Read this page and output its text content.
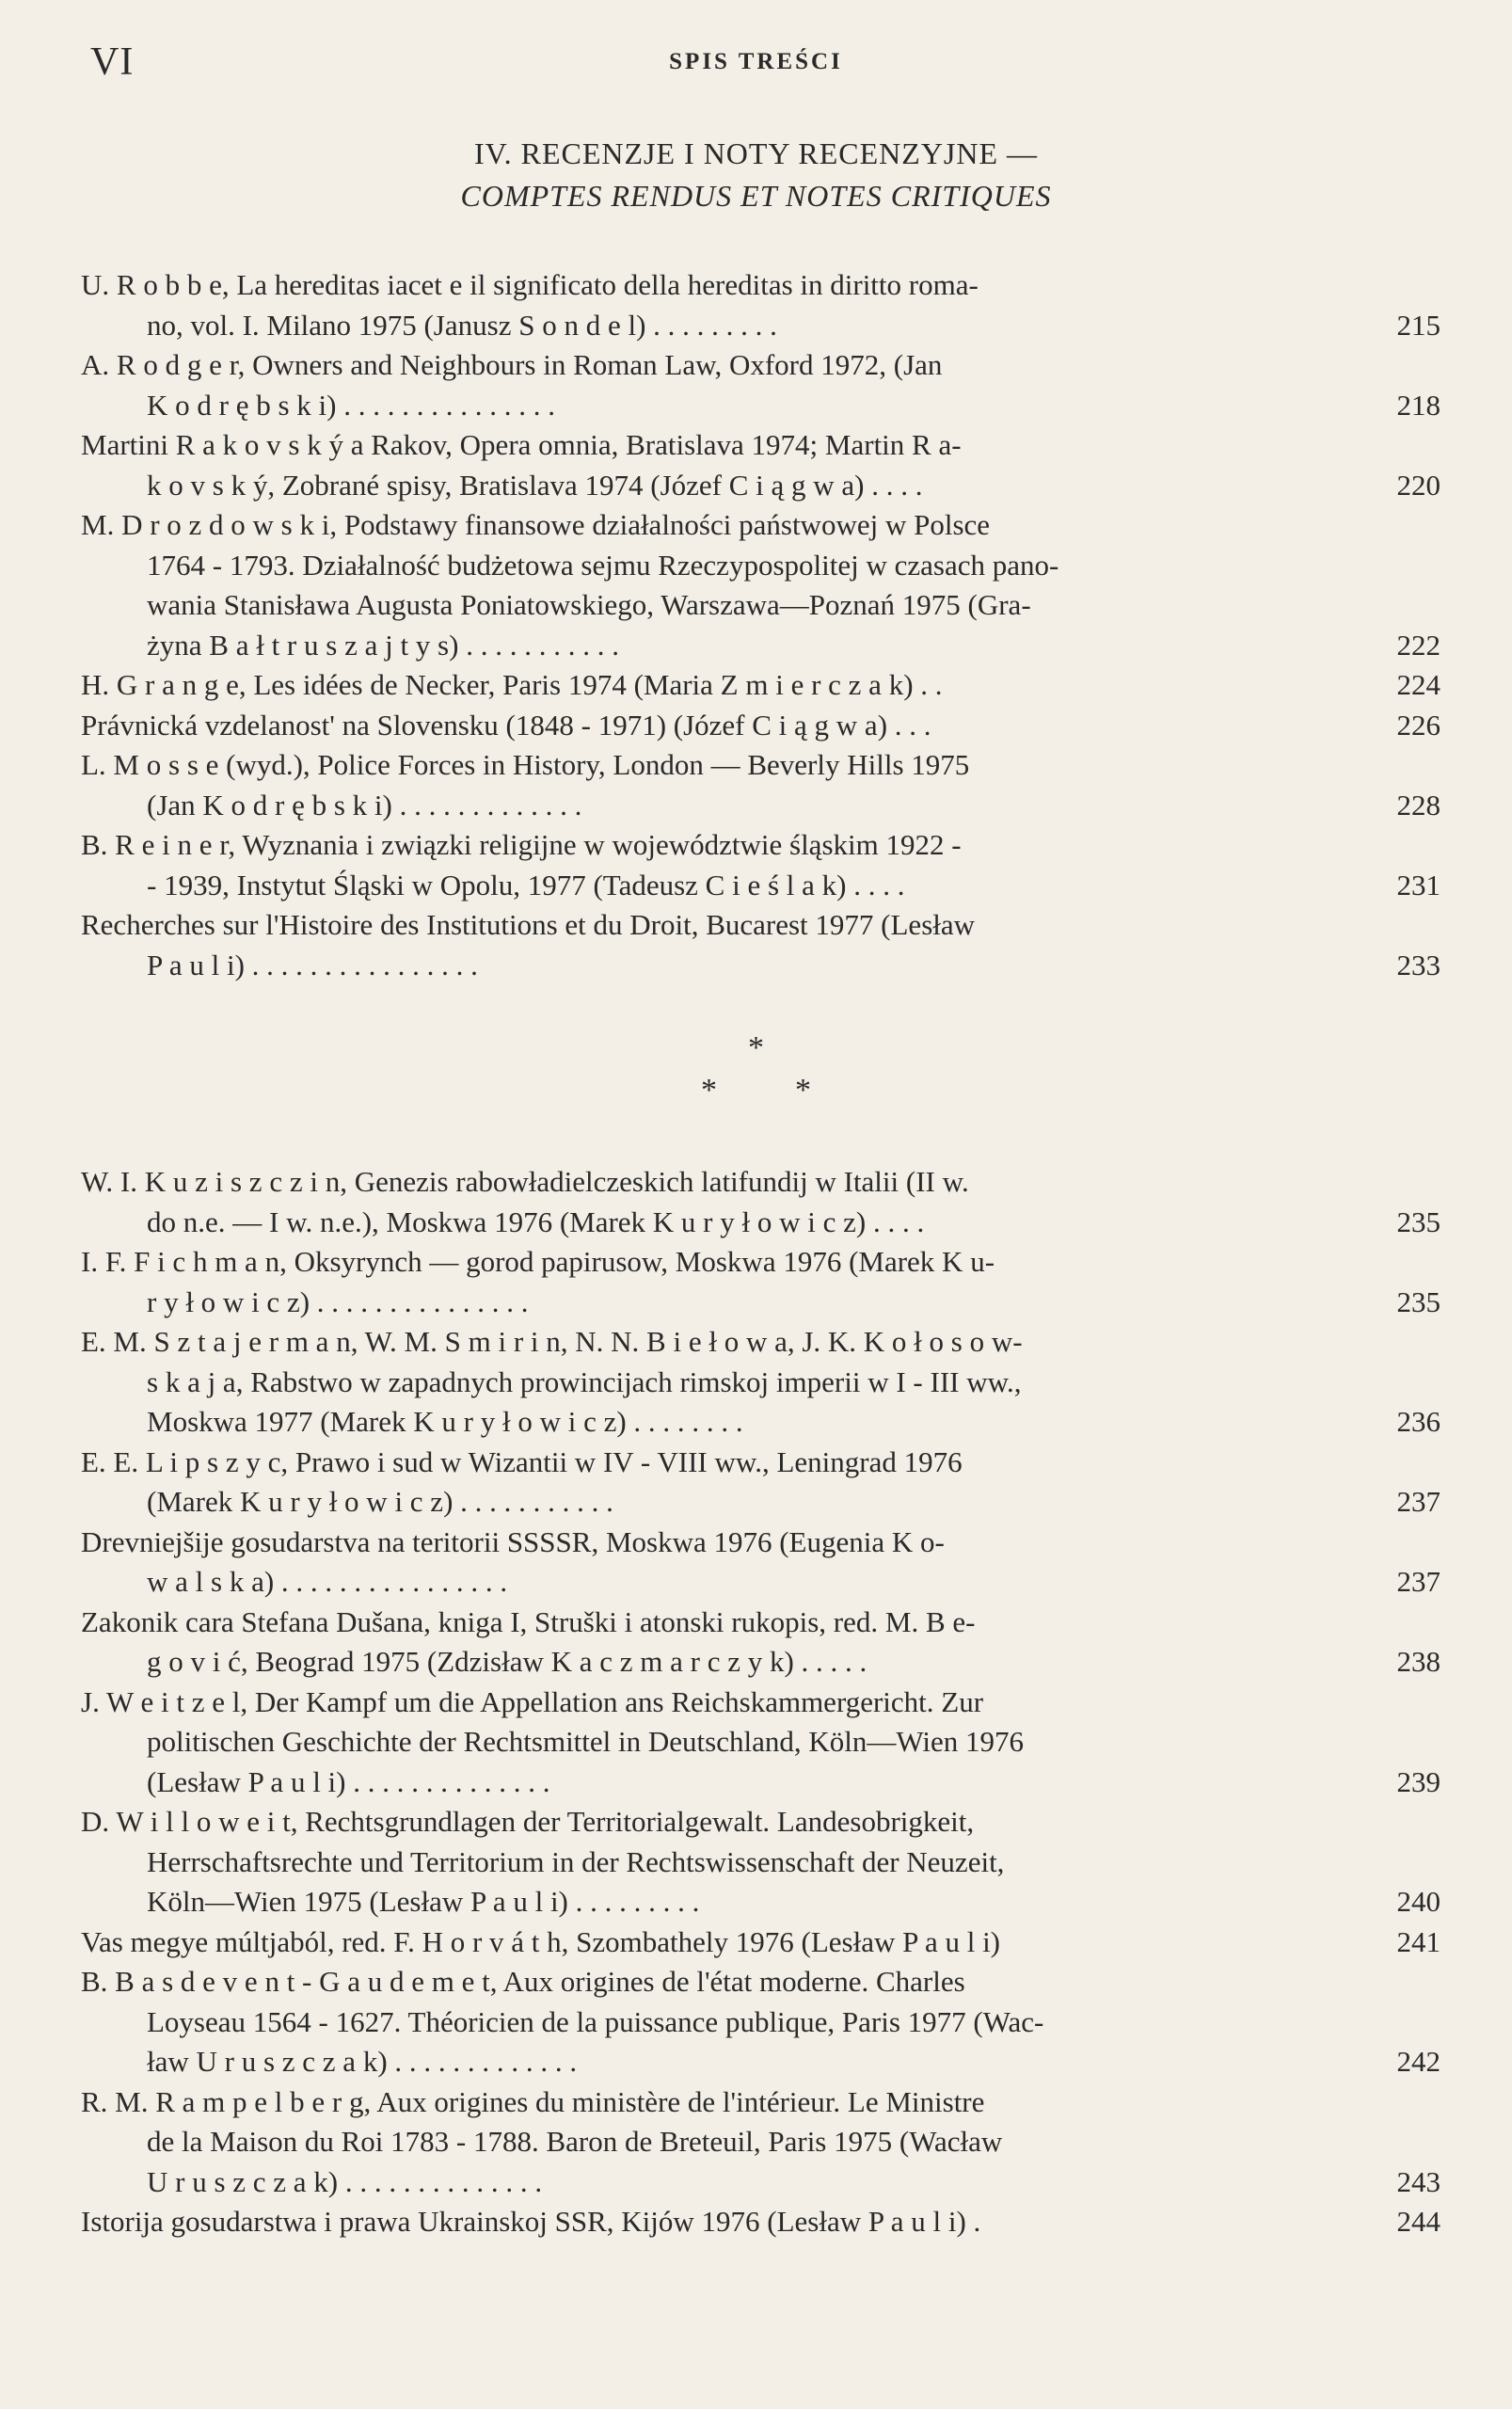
VI	SPIS TREŚCI
IV. RECENZJE I NOTY RECENZYJNE —
COMPTES RENDUS ET NOTES CRITIQUES
U. R o b b e, La hereditas iacet e il significato della hereditas in diritto roma-
no, vol. I. Milano 1975 (Janusz S o n d e l) . . . . . . . . .	215
A. R o d g e r, Owners and Neighbours in Roman Law, Oxford 1972, (Jan
K o d r ę b s k i) . . . . . . . . . . . . . . .	218
Martini R a k o v s k ý a Rakov, Opera omnia, Bratislava 1974; Martin R a-
k o v s k ý, Zobrané spisy, Bratislava 1974 (Józef C i ą g w a) . . . .	220
M. D r o z d o w s k i, Podstawy finansowe działalności państwowej w Polsce
1764 - 1793. Działalność budżetowa sejmu Rzeczypospolitej w czasach pano-
wania Stanisława Augusta Poniatowskiego, Warszawa—Poznań 1975 (Gra-
żyna B a ł t r u s z a j t y s) . . . . . . . . . . .	222
H. G r a n g e, Les idées de Necker, Paris 1974 (Maria Z m i e r c z a k) . .	224
Právnická vzdelanost' na Slovensku (1848 - 1971) (Józef C i ą g w a) . . .	226
L. M o s s e (wyd.), Police Forces in History, London — Beverly Hills 1975
(Jan K o d r ę b s k i) . . . . . . . . . . . . .	228
B. R e i n e r, Wyznania i związki religijne w województwie śląskim 1922 -
- 1939, Instytut Śląski w Opolu, 1977 (Tadeusz C i e ś l a k) . . . .	231
Recherches sur l'Histoire des Institutions et du Droit, Bucarest 1977 (Lesław
P a u l i) . . . . . . . . . . . . . . . .	233
*
* *
W. I. K u z i s z c z i n, Genezis rabowładielczeskich latifundij w Italii (II w.
do n.e. — I w. n.e.), Moskwa 1976 (Marek K u r y ł o w i c z) . . . .	235
I. F. F i c h m a n, Oksyrynch — gorod papirusow, Moskwa 1976 (Marek K u-
r y ł o w i c z) . . . . . . . . . . . . . . .	235
E. M. S z t a j e r m a n, W. M. S m i r i n, N. N. B i e ł o w a, J. K. K o ł o s o w-
s k a j a, Rabstwo w zapadnych prowincijach rimskoj imperii w I - III ww.,
Moskwa 1977 (Marek K u r y ł o w i c z) . . . . . . . .	236
E. E. L i p s z y c, Prawo i sud w Wizantii w IV - VIII ww., Leningrad 1976
(Marek K u r y ł o w i c z) . . . . . . . . . . .	237
Drevniejšije gosudarstva na teritorii SSSSR, Moskwa 1976 (Eugenia K o-
w a l s k a) . . . . . . . . . . . . . . . .	237
Zakonik cara Stefana Dušana, kniga I, Struški i atonski rukopis, red. M. B e-
g o v i ć, Beograd 1975 (Zdzisław K a c z m a r c z y k) . . . . .	238
J. W e i t z e l, Der Kampf um die Appellation ans Reichskammergericht. Zur
politischen Geschichte der Rechtsmittel in Deutschland, Köln—Wien 1976
(Lesław P a u l i) . . . . . . . . . . . . . .	239
D. W i l l o w e i t, Rechtsgrundlagen der Territorialgewalt. Landesobrigkeit,
Herrschaftsrechte und Territorium in der Rechtswissenschaft der Neuzeit,
Köln—Wien 1975 (Lesław P a u l i) . . . . . . . . .	240
Vas megye múltjaból, red. F. H o r v á t h, Szombathely 1976 (Lesław P a u l i)	241
B. B a s d e v e n t - G a u d e m e t, Aux origines de l'état moderne. Charles
Loyseau 1564 - 1627. Théoricien de la puissance publique, Paris 1977 (Wac-
ław U r u s z c z a k) . . . . . . . . . . . . .	242
R. M. R a m p e l b e r g, Aux origines du ministère de l'intérieur. Le Ministre
de la Maison du Roi 1783 - 1788. Baron de Breteuil, Paris 1975 (Wacław
U r u s z c z a k) . . . . . . . . . . . . . .	243
Istorija gosudarstwa i prawa Ukrainskoj SSR, Kijów 1976 (Lesław P a u l i) .	244
